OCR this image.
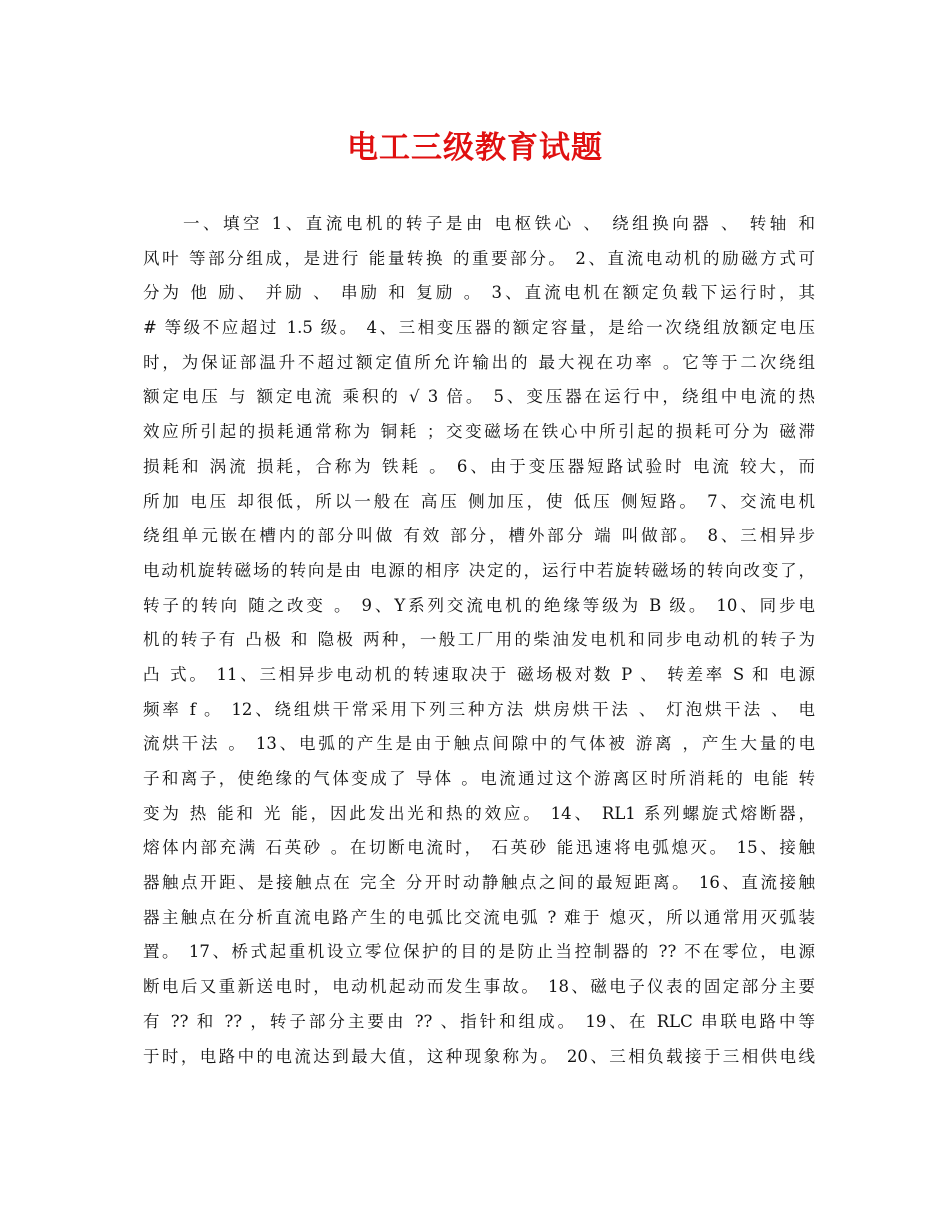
电工三级教育试题
一、填空 1、直流电机的转子是由 电枢铁心 、 绕组换向器 、 转轴 和
风叶 等部分组成，是进行 能量转换 的重要部分。 2、直流电动机的励磁方式可
分为 他 励、 并励 、 串励 和 复励 。 3、直流电机在额定负载下运行时，其
# 等级不应超过 1.5 级。 4、三相变压器的额定容量，是给一次绕组放额定电压
时，为保证部温升不超过额定值所允许输出的 最大视在功率 。它等于二次绕组
额定电压 与 额定电流 乘积的 √ 3 倍。 5、变压器在运行中，绕组中电流的热
效应所引起的损耗通常称为 铜耗 ；交变磁场在铁心中所引起的损耗可分为 磁滞
损耗和 涡流 损耗，合称为 铁耗 。 6、由于变压器短路试验时 电流 较大，而
所加 电压 却很低，所以一般在 高压 侧加压，使 低压 侧短路。 7、交流电机
绕组单元嵌在槽内的部分叫做 有效 部分，槽外部分 端 叫做部。 8、三相异步
电动机旋转磁场的转向是由 电源的相序 决定的，运行中若旋转磁场的转向改变了，
转子的转向 随之改变 。 9、Y系列交流电机的绝缘等级为 B 级。 10、同步电
机的转子有 凸极 和 隐极 两种，一般工厂用的柴油发电机和同步电动机的转子为
凸 式。 11、三相异步电动机的转速取决于 磁场极对数 P 、 转差率 S 和 电源
频率 f 。 12、绕组烘干常采用下列三种方法 烘房烘干法 、 灯泡烘干法 、 电
流烘干法 。 13、电弧的产生是由于触点间隙中的气体被 游离 ，产生大量的电
子和离子，使绝缘的气体变成了 导体 。电流通过这个游离区时所消耗的 电能 转
变为 热 能和 光 能，因此发出光和热的效应。 14、 RL1 系列螺旋式熔断器，
熔体内部充满 石英砂 。在切断电流时， 石英砂 能迅速将电弧熄灭。 15、接触
器触点开距、是接触点在 完全 分开时动静触点之间的最短距离。 16、直流接触
器主触点在分析直流电路产生的电弧比交流电弧 ? 难于 熄灭，所以通常用灭弧装
置。 17、桥式起重机设立零位保护的目的是防止当控制器的 ?? 不在零位，电源
断电后又重新送电时，电动机起动而发生事故。 18、磁电子仪表的固定部分主要
有 ?? 和 ?? ，转子部分主要由 ?? 、指针和组成。 19、在 RLC 串联电路中等
于时，电路中的电流达到最大值，这种现象称为。 20、三相负载接于三相供电线
